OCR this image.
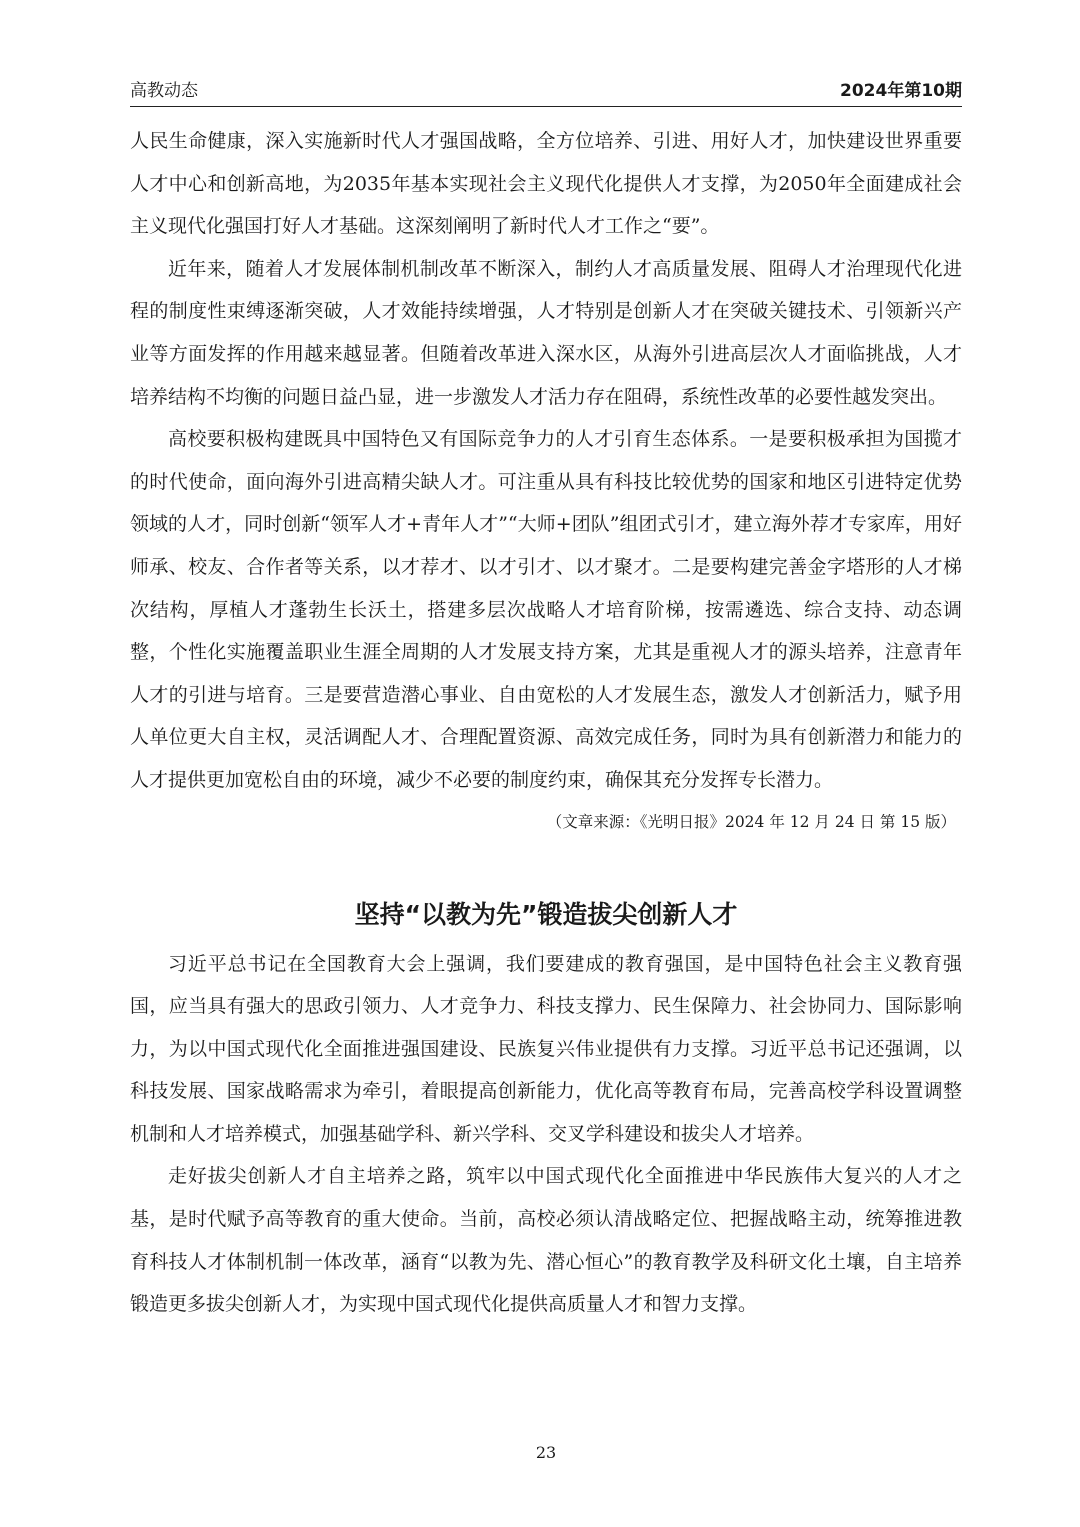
高教动态	2024年第10期

人民生命健康，深入实施新时代人才强国战略，全方位培养、引进、用好人才，加快建设世界重要人才中心和创新高地，为2035年基本实现社会主义现代化提供人才支撑，为2050年全面建成社会主义现代化强国打好人才基础。这深刻阐明了新时代人才工作之“要”。

近年来，随着人才发展体制机制改革不断深入，制约人才高质量发展、阻碍人才治理现代化进程的制度性束缚逐渐突破，人才效能持续增强，人才特别是创新人才在突破关键技术、引领新兴产业等方面发挥的作用越来越显著。但随着改革进入深水区，从海外引进高层次人才面临挑战，人才培养结构不均衡的问题日益凸显，进一步激发人才活力存在阻碍，系统性改革的必要性越发突出。

高校要积极构建既具中国特色又有国际竞争力的人才引育生态体系。一是要积极承担为国揽才的时代使命，面向海外引进高精尖缺人才。可注重从具有科技比较优势的国家和地区引进特定优势领域的人才，同时创新“领军人才+青年人才”“大师+团队”组团式引才，建立海外荐才专家库，用好师承、校友、合作者等关系，以才荐才、以才引才、以才聚才。二是要构建完善金字塔形的人才梯次结构，厚植人才蓬勃生长沃土，搭建多层次战略人才培育阶梯，按需遴选、综合支持、动态调整，个性化实施覆盖职业生涯全周期的人才发展支持方案，尤其是重视人才的源头培养，注意青年人才的引进与培育。三是要营造潜心事业、自由宽松的人才发展生态，激发人才创新活力，赋予用人单位更大自主权，灵活调配人才、合理配置资源、高效完成任务，同时为具有创新潜力和能力的人才提供更加宽松自由的环境，减少不必要的制度约束，确保其充分发挥专长潜力。

（文章来源：《光明日报》2024 年 12 月 24 日 第 15 版）

坚持“以教为先”锻造拔尖创新人才

习近平总书记在全国教育大会上强调，我们要建成的教育强国，是中国特色社会主义教育强国，应当具有强大的思政引领力、人才竞争力、科技支撑力、民生保障力、社会协同力、国际影响力，为以中国式现代化全面推进强国建设、民族复兴伟业提供有力支撑。习近平总书记还强调，以科技发展、国家战略需求为牵引，着眼提高创新能力，优化高等教育布局，完善高校学科设置调整机制和人才培养模式，加强基础学科、新兴学科、交叉学科建设和拔尖人才培养。

走好拔尖创新人才自主培养之路，筑牢以中国式现代化全面推进中华民族伟大复兴的人才之基，是时代赋予高等教育的重大使命。当前，高校必须认清战略定位、把握战略主动，统筹推进教育科技人才体制机制一体改革，涵育“以教为先、潜心恒心”的教育教学及科研文化土壤，自主培养锻造更多拔尖创新人才，为实现中国式现代化提供高质量人才和智力支撑。

23
